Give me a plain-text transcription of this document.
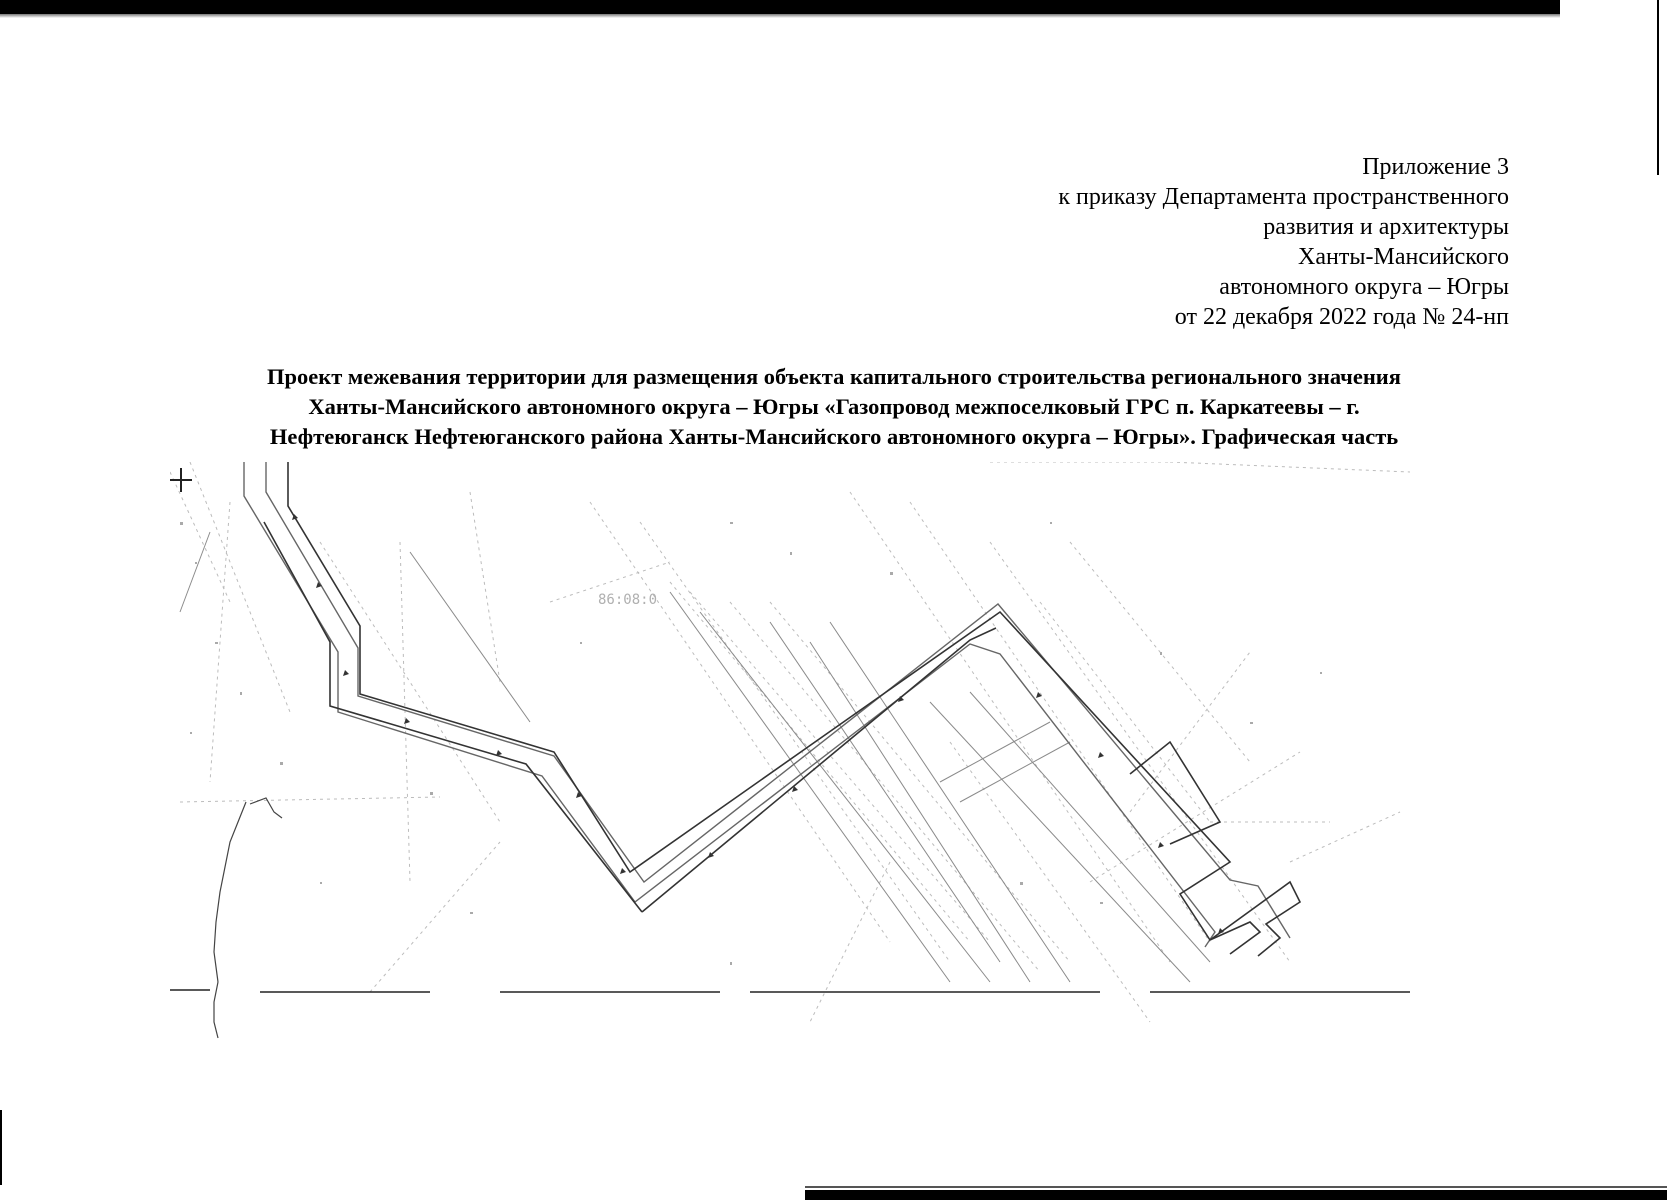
Приложение 3
к приказу Департамента пространственного
развития и архитектуры
Ханты-Мансийского
автономного округа – Югры
от 22 декабря 2022 года № 24-нп
Проект межевания территории для размещения объекта капитального строительства регионального значения
Ханты-Мансийского автономного округа – Югры «Газопровод межпоселковый ГРС п. Каркатеевы – г.
Нефтеюганск Нефтеюганского района Ханты-Мансийского автономного окурга – Югры». Графическая часть
86:08:0
